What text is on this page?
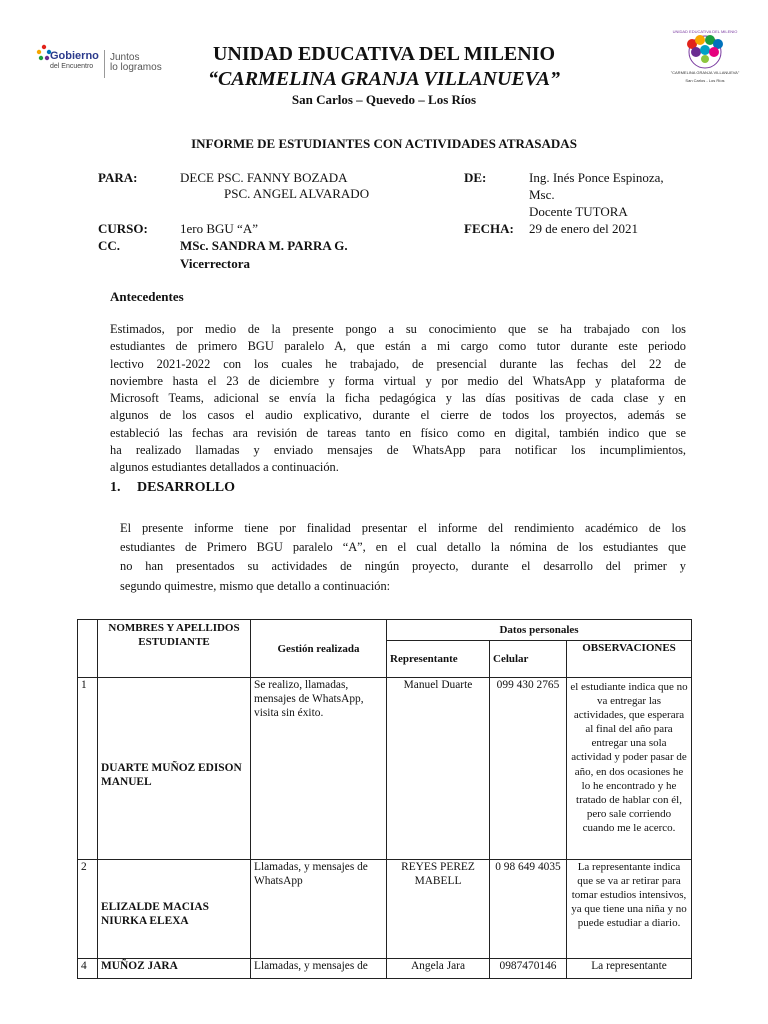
Gobierno
del Encuentro
Juntos
lo logramos
UNIDAD EDUCATIVA DEL MILENIO
"CARMELINA GRANJA VILLANUEVA"
San Carlos - Los Ríos
UNIDAD EDUCATIVA DEL MILENIO
“CARMELINA GRANJA VILLANUEVA”
San Carlos – Quevedo – Los Ríos
INFORME DE ESTUDIANTES CON ACTIVIDADES ATRASADAS
PARA:	DECE PSC. FANNY BOZADA
PSC. ANGEL ALVARADO
DE:	Ing. Inés Ponce Espinoza,
Msc.
Docente TUTORA
CURSO: 1ero BGU “A”	FECHA: 29 de enero del 2021
CC.	MSc. SANDRA M. PARRA G.
Vicerrectora
Antecedentes
Estimados, por medio de la presente pongo a su conocimiento que se ha trabajado con los
estudiantes de primero BGU paralelo A, que están a mi cargo como tutor durante este periodo
lectivo 2021-2022 con los cuales he trabajado, de presencial durante las fechas del 22 de
noviembre hasta el 23 de diciembre y forma virtual y por medio del WhatsApp y plataforma de
Microsoft Teams, adicional se envía la ficha pedagógica y las días positivas de cada clase y en
algunos de los casos el audio explicativo, durante el cierre de todos los proyectos, además se
estableció las fechas ara revisión de tareas tanto en físico como en digital, también indico que se
ha realizado llamadas y enviado mensajes de WhatsApp para notificar los incumplimientos,
algunos estudiantes detallados a continuación.
1. DESARROLLO
El presente informe tiene por finalidad presentar el informe del rendimiento académico de los
estudiantes de Primero BGU paralelo “A”, en el cual detallo la nómina de los estudiantes que
no han presentados su actividades de ningún proyecto, durante el desarrollo del primer y
segundo quimestre, mismo que detallo a continuación:
	NOMBRES Y APELLIDOS ESTUDIANTE	Gestión realizada	Datos personales		
			Representante	Celular	OBSERVACIONES
1	DUARTE MUÑOZ EDISON MANUEL	Se realizo, llamadas, mensajes de WhatsApp, visita sin éxito.	Manuel Duarte	099 430 2765	el estudiante indica que no va entregar las actividades, que esperara al final del año para entregar una sola actividad y poder pasar de año, en dos ocasiones he lo he encontrado y he tratado de hablar con él, pero sale corriendo cuando me le acerco.
2	ELIZALDE MACIAS NIURKA ELEXA	Llamadas, y mensajes de WhatsApp	REYES PEREZ MABELL	0 98 649 4035	La representante indica que se va ar retirar para tomar estudios intensivos, ya que tiene una niña y no puede estudiar a diario.
4	MUÑOZ JARA	Llamadas, y mensajes de	Angela Jara	0987470146	La representante
